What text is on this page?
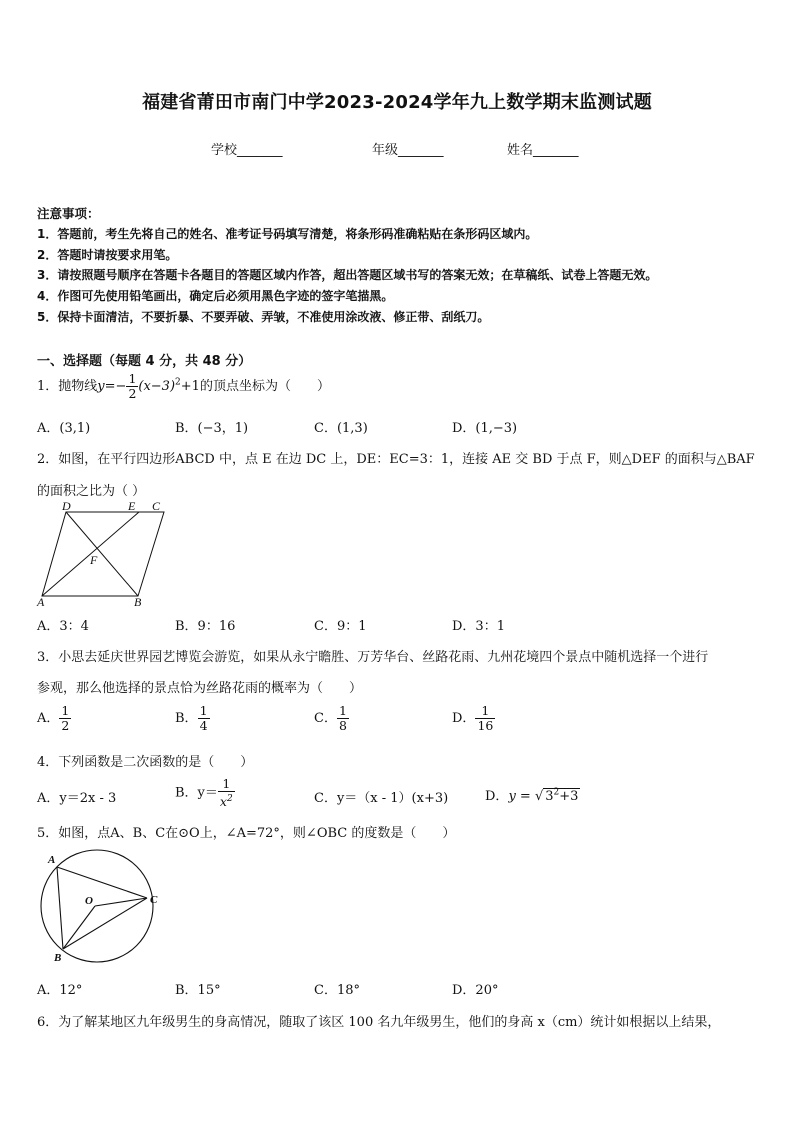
福建省莆田市南门中学2023-2024学年九上数学期末监测试题
学校_______	年级_______	姓名_______
注意事项：
1．答题前，考生先将自己的姓名、准考证号码填写清楚，将条形码准确粘贴在条形码区域内。
2．答题时请按要求用笔。
3．请按照题号顺序在答题卡各题目的答题区域内作答，超出答题区域书写的答案无效；在草稿纸、试卷上答题无效。
4．作图可先使用铅笔画出，确定后必须用黑色字迹的签字笔描黑。
5．保持卡面清洁，不要折暴、不要弄破、弄皱，不准使用涂改液、修正带、刮纸刀。
一、选择题（每题 4 分，共 48 分）
1．抛物线$y=- \frac{1}{2} (x-3)^2+1$的顶点坐标为（　　）
A．(3,1)	B．(−3，1)	C．(1,3)	D．(1,−3)
2．如图，在平行四边形ABCD 中，点 E 在边 DC 上，DE：EC=3：1，连接 AE 交 BD 于点 F，则△DEF 的面积与△BAF
的面积之比为（ ）
D	E C
F
A	B
A．3：4	B．9：16	C．9：1	D．3：1
3．小思去延庆世界园艺博览会游览，如果从永宁瞻胜、万芳华台、丝路花雨、九州花境四个景点中随机选择一个进行
参观，那么他选择的景点恰为丝路花雨的概率为（　　）
A． $\frac{1}{2}$	B． $\frac{1}{4}$	C． $\frac{1}{8}$	D． $\frac{1}{16}$
4．下列函数是二次函数的是（　　）
A．y＝2x - 3	B．$y= \frac{1}{x^2}$	C．y＝（x - 1）(x+3)	D．y = √ $3^2+3$
5．如图，点A、B、C在⊙O上，∠A=72°，则∠OBC 的度数是（　　）
A
O	C
B
A．12°	B．15°	C．18°	D．20°
6．为了解某地区九年级男生的身高情况，随取了该区 100 名九年级男生，他们的身高 x（cm）统计如根据以上结果，
